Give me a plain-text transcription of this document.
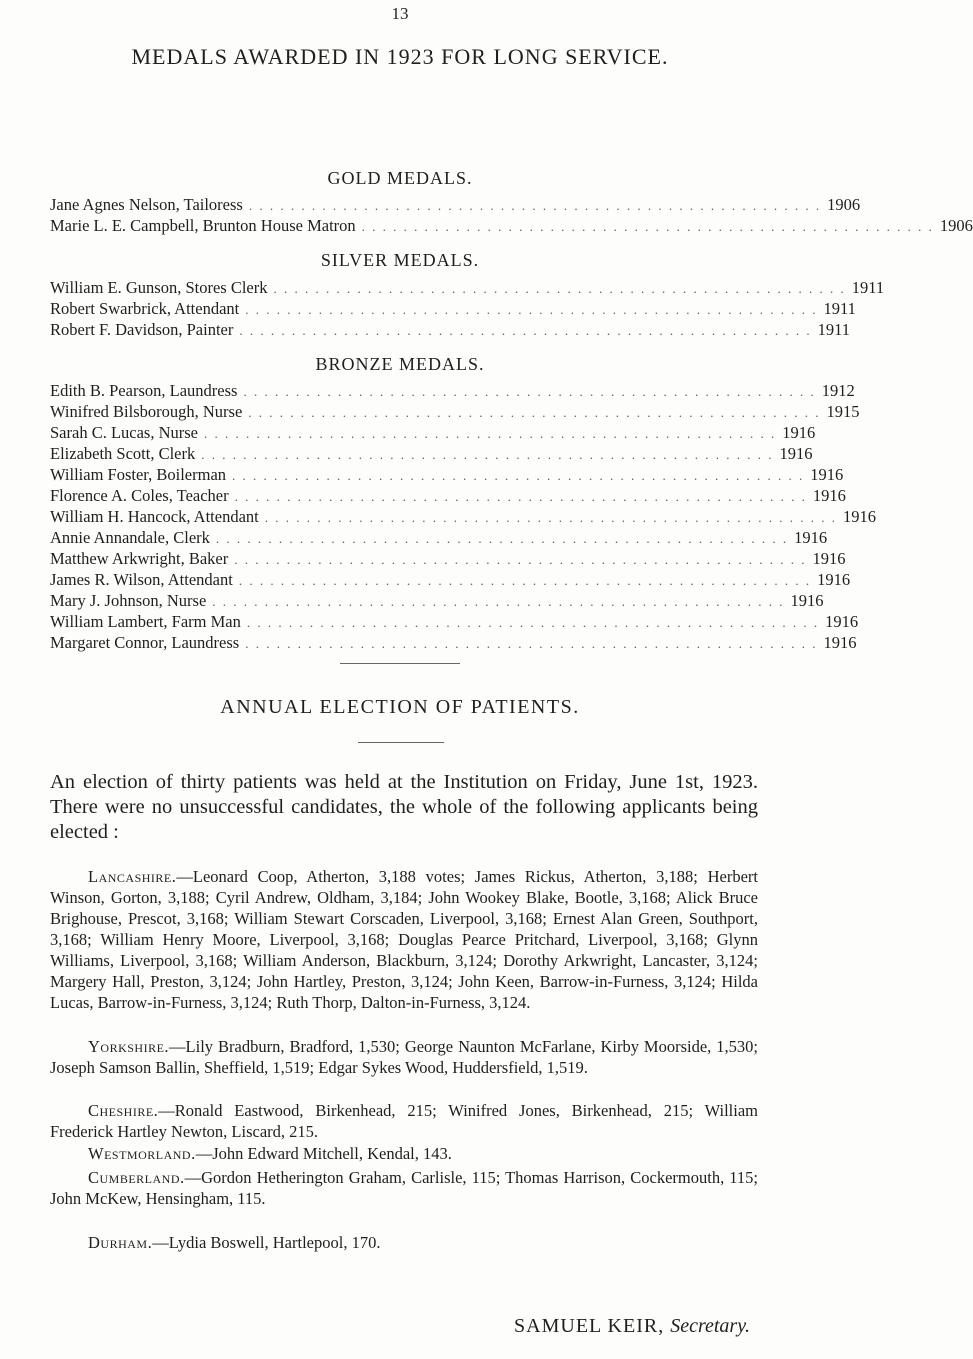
13
MEDALS AWARDED IN 1923 FOR LONG SERVICE.
GOLD MEDALS.
Jane Agnes Nelson, Tailoress . . . . . . . . . . . . . . . . . . . . . . . . . . . . . . . . . . . . . . . . . . . . . . . . . . . . . . . 1906
Marie L. E. Campbell, Brunton House Matron . . . . . . . . . . . . . . . . . . . . . . . . . . . . . . . . . . . . . . . . . . . . . . . . . . . . . . . 1906
SILVER MEDALS.
William E. Gunson, Stores Clerk . . . . . . . . . . . . . . . . . . . . . . . . . . . . . . . . . . . . . . . . . . . . . . . . . . . . . . . 1911
Robert Swarbrick, Attendant . . . . . . . . . . . . . . . . . . . . . . . . . . . . . . . . . . . . . . . . . . . . . . . . . . . . . . . 1911
Robert F. Davidson, Painter . . . . . . . . . . . . . . . . . . . . . . . . . . . . . . . . . . . . . . . . . . . . . . . . . . . . . . . 1911
BRONZE MEDALS.
Edith B. Pearson, Laundress . . . . . . . . . . . . . . . . . . . . . . . . . . . . . . . . . . . . . . . . . . . . . . . . . . . . . . . 1912
Winifred Bilsborough, Nurse . . . . . . . . . . . . . . . . . . . . . . . . . . . . . . . . . . . . . . . . . . . . . . . . . . . . . . . 1915
Sarah C. Lucas, Nurse . . . . . . . . . . . . . . . . . . . . . . . . . . . . . . . . . . . . . . . . . . . . . . . . . . . . . . . 1916
Elizabeth Scott, Clerk . . . . . . . . . . . . . . . . . . . . . . . . . . . . . . . . . . . . . . . . . . . . . . . . . . . . . . . 1916
William Foster, Boilerman . . . . . . . . . . . . . . . . . . . . . . . . . . . . . . . . . . . . . . . . . . . . . . . . . . . . . . . 1916
Florence A. Coles, Teacher . . . . . . . . . . . . . . . . . . . . . . . . . . . . . . . . . . . . . . . . . . . . . . . . . . . . . . . 1916
William H. Hancock, Attendant . . . . . . . . . . . . . . . . . . . . . . . . . . . . . . . . . . . . . . . . . . . . . . . . . . . . . . . 1916
Annie Annandale, Clerk . . . . . . . . . . . . . . . . . . . . . . . . . . . . . . . . . . . . . . . . . . . . . . . . . . . . . . . 1916
Matthew Arkwright, Baker . . . . . . . . . . . . . . . . . . . . . . . . . . . . . . . . . . . . . . . . . . . . . . . . . . . . . . . 1916
James R. Wilson, Attendant . . . . . . . . . . . . . . . . . . . . . . . . . . . . . . . . . . . . . . . . . . . . . . . . . . . . . . . 1916
Mary J. Johnson, Nurse . . . . . . . . . . . . . . . . . . . . . . . . . . . . . . . . . . . . . . . . . . . . . . . . . . . . . . . 1916
William Lambert, Farm Man . . . . . . . . . . . . . . . . . . . . . . . . . . . . . . . . . . . . . . . . . . . . . . . . . . . . . . . 1916
Margaret Connor, Laundress . . . . . . . . . . . . . . . . . . . . . . . . . . . . . . . . . . . . . . . . . . . . . . . . . . . . . . . 1916
ANNUAL ELECTION OF PATIENTS.

An election of thirty patients was held at the Institution on Friday, June 1st, 1923. There were no unsuccessful candidates, the whole of the following applicants being elected :

Lancashire.—Leonard Coop, Atherton, 3,188 votes; James Rickus, Atherton, 3,188; Herbert Winson, Gorton, 3,188; Cyril Andrew, Oldham, 3,184; John Wookey Blake, Bootle, 3,168; Alick Bruce Brighouse, Prescot, 3,168; William Stewart Corscaden, Liverpool, 3,168; Ernest Alan Green, Southport, 3,168; William Henry Moore, Liverpool, 3,168; Douglas Pearce Pritchard, Liverpool, 3,168; Glynn Williams, Liverpool, 3,168; William Anderson, Blackburn, 3,124; Dorothy Arkwright, Lancaster, 3,124; Margery Hall, Preston, 3,124; John Hartley, Preston, 3,124; John Keen, Barrow-in-Furness, 3,124; Hilda Lucas, Barrow-in-Furness, 3,124; Ruth Thorp, Dalton-in-Furness, 3,124.

Yorkshire.—Lily Bradburn, Bradford, 1,530; George Naunton McFarlane, Kirby Moorside, 1,530; Joseph Samson Ballin, Sheffield, 1,519; Edgar Sykes Wood, Huddersfield, 1,519.

Cheshire.—Ronald Eastwood, Birkenhead, 215; Winifred Jones, Birkenhead, 215; William Frederick Hartley Newton, Liscard, 215.

Westmorland.—John Edward Mitchell, Kendal, 143.

Cumberland.—Gordon Hetherington Graham, Carlisle, 115; Thomas Harrison, Cockermouth, 115; John McKew, Hensingham, 115.

Durham.—Lydia Boswell, Hartlepool, 170.

SAMUEL KEIR, Secretary.
